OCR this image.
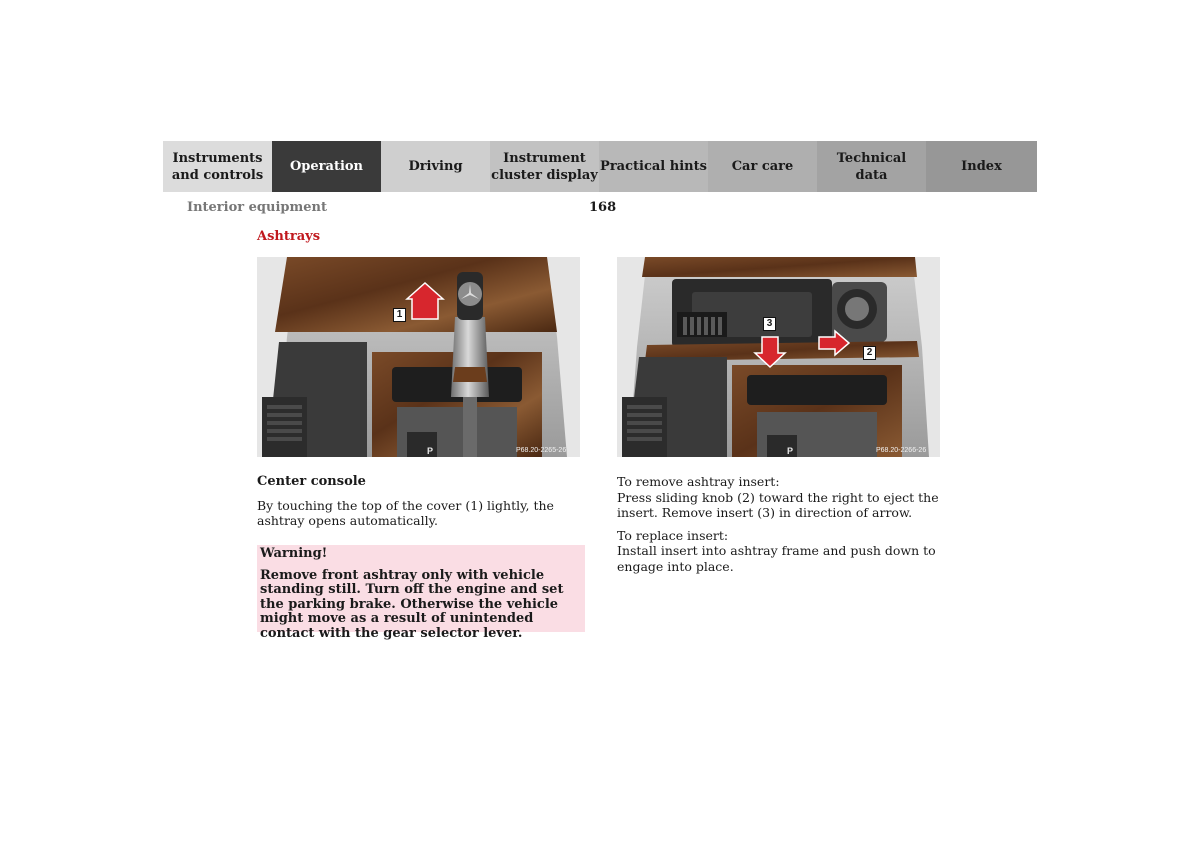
Instruments
and controls
Operation	Driving
Instrument
cluster display
Practical hints Car care
Technical
data
Index
Interior equipment	168
Ashtrays
1
P	P68.20-2265-26
3
2
P	P68.20-2266-26
Center console

By touching the top of the cover (1) lightly, the ashtray opens automatically.

Warning!
Remove front ashtray only with vehicle standing still. Turn off the engine and set the parking brake. Otherwise the vehicle might move as a result of unintended contact with the gear selector lever.
To remove ashtray insert:

Press sliding knob (2) toward the right to eject the insert. Remove insert (3) in direction of arrow.

To replace insert:

Install insert into ashtray frame and push down to engage into place.
